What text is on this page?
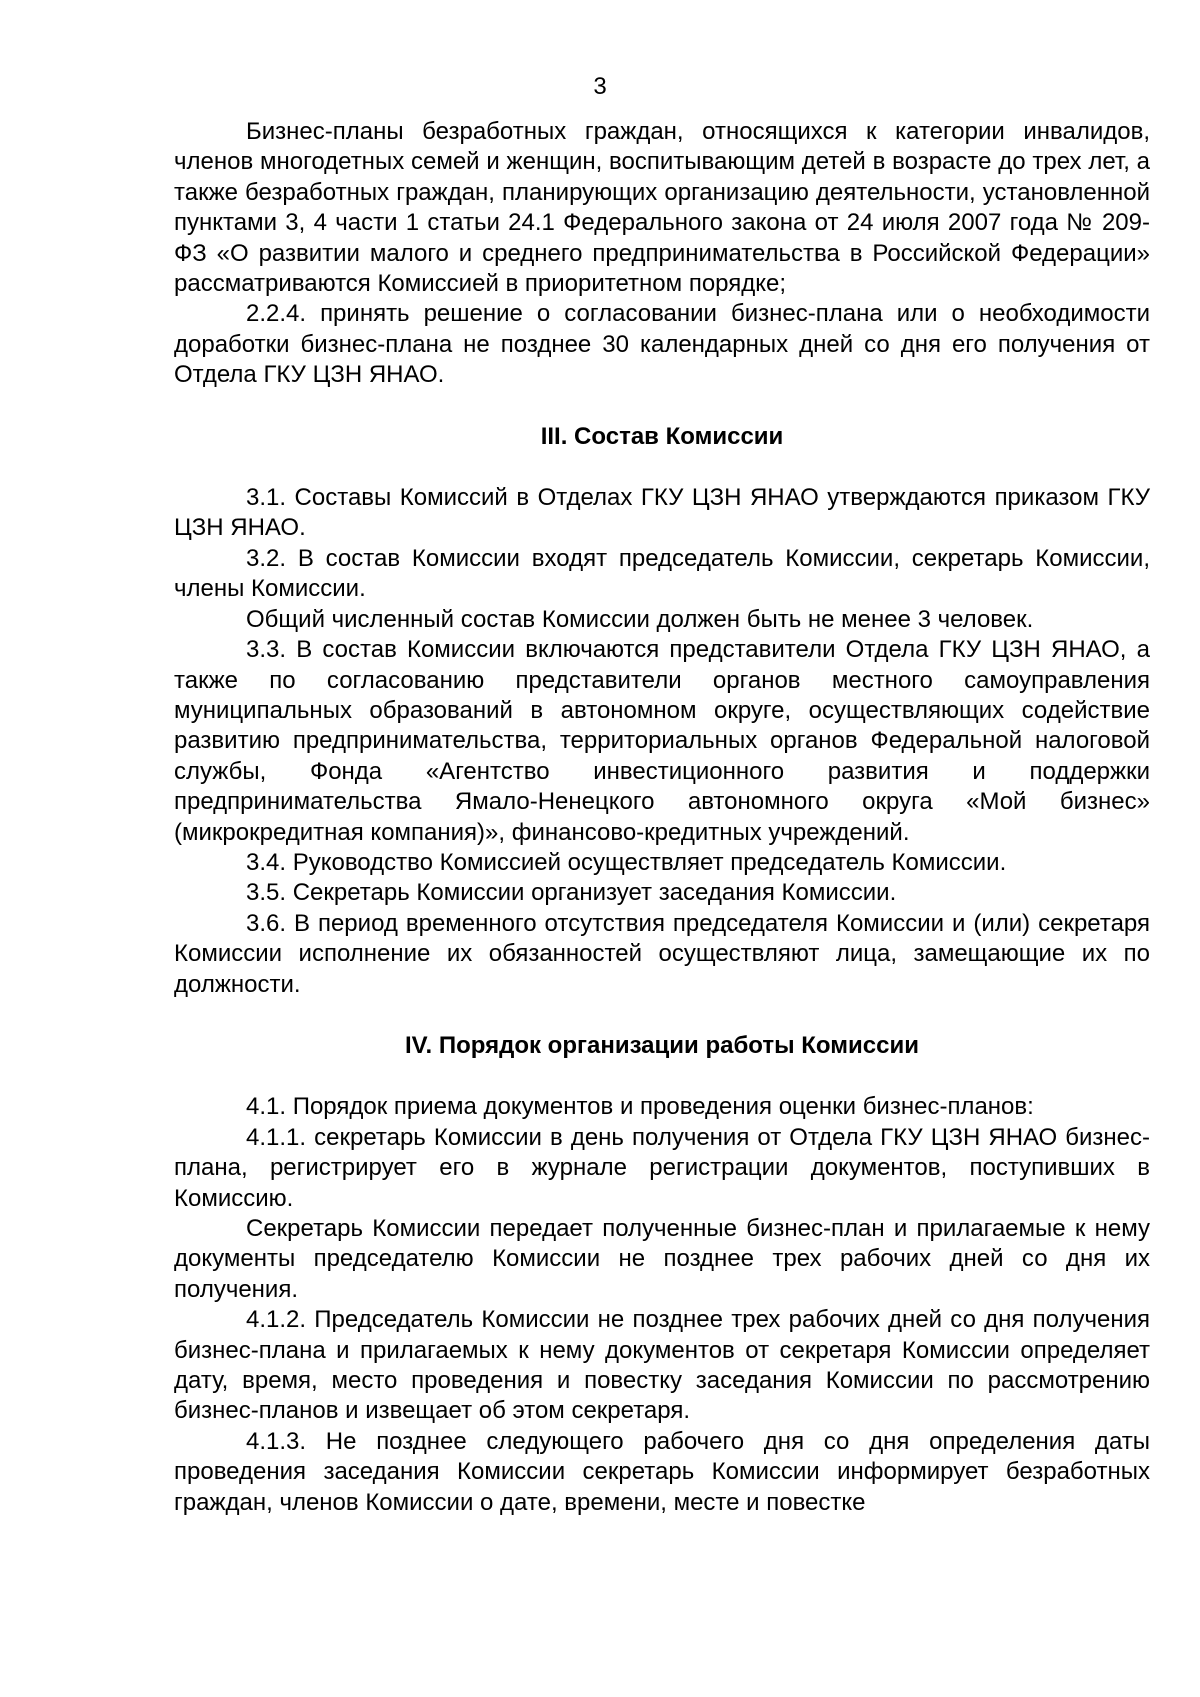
3

Бизнес-планы безработных граждан, относящихся к категории инвалидов, членов многодетных семей и женщин, воспитывающим детей в возрасте до трех лет, а также безработных граждан, планирующих организацию деятельности, установленной пунктами 3, 4 части 1 статьи 24.1 Федерального закона от 24 июля 2007 года № 209-ФЗ «О развитии малого и среднего предпринимательства в Российской Федерации» рассматриваются Комиссией в приоритетном порядке;

2.2.4. принять решение о согласовании бизнес-плана или о необходимости доработки бизнес-плана не позднее 30 календарных дней со дня его получения от Отдела ГКУ ЦЗН ЯНАО.

III. Состав Комиссии

3.1. Составы Комиссий в Отделах ГКУ ЦЗН ЯНАО утверждаются приказом ГКУ ЦЗН ЯНАО.

3.2. В состав Комиссии входят председатель Комиссии, секретарь Комиссии, члены Комиссии.

Общий численный состав Комиссии должен быть не менее 3 человек.

3.3. В состав Комиссии включаются представители Отдела ГКУ ЦЗН ЯНАО, а также по согласованию представители органов местного самоуправления муниципальных образований в автономном округе, осуществляющих содействие развитию предпринимательства, территориальных органов Федеральной налоговой службы, Фонда «Агентство инвестиционного развития и поддержки предпринимательства Ямало-Ненецкого автономного округа «Мой бизнес» (микрокредитная компания)», финансово-кредитных учреждений.

3.4. Руководство Комиссией осуществляет председатель Комиссии.

3.5. Секретарь Комиссии организует заседания Комиссии.

3.6. В период временного отсутствия председателя Комиссии и (или) секретаря Комиссии исполнение их обязанностей осуществляют лица, замещающие их по должности.

IV. Порядок организации работы Комиссии

4.1. Порядок приема документов и проведения оценки бизнес-планов:

4.1.1. секретарь Комиссии в день получения от Отдела ГКУ ЦЗН ЯНАО бизнес-плана, регистрирует его в журнале регистрации документов, поступивших в Комиссию.

Секретарь Комиссии передает полученные бизнес-план и прилагаемые к нему документы председателю Комиссии не позднее трех рабочих дней со дня их получения.

4.1.2. Председатель Комиссии не позднее трех рабочих дней со дня получения бизнес-плана и прилагаемых к нему документов от секретаря Комиссии определяет дату, время, место проведения и повестку заседания Комиссии по рассмотрению бизнес-планов и извещает об этом секретаря.

4.1.3. Не позднее следующего рабочего дня со дня определения даты проведения заседания Комиссии секретарь Комиссии информирует безработных граждан, членов Комиссии о дате, времени, месте и повестке
